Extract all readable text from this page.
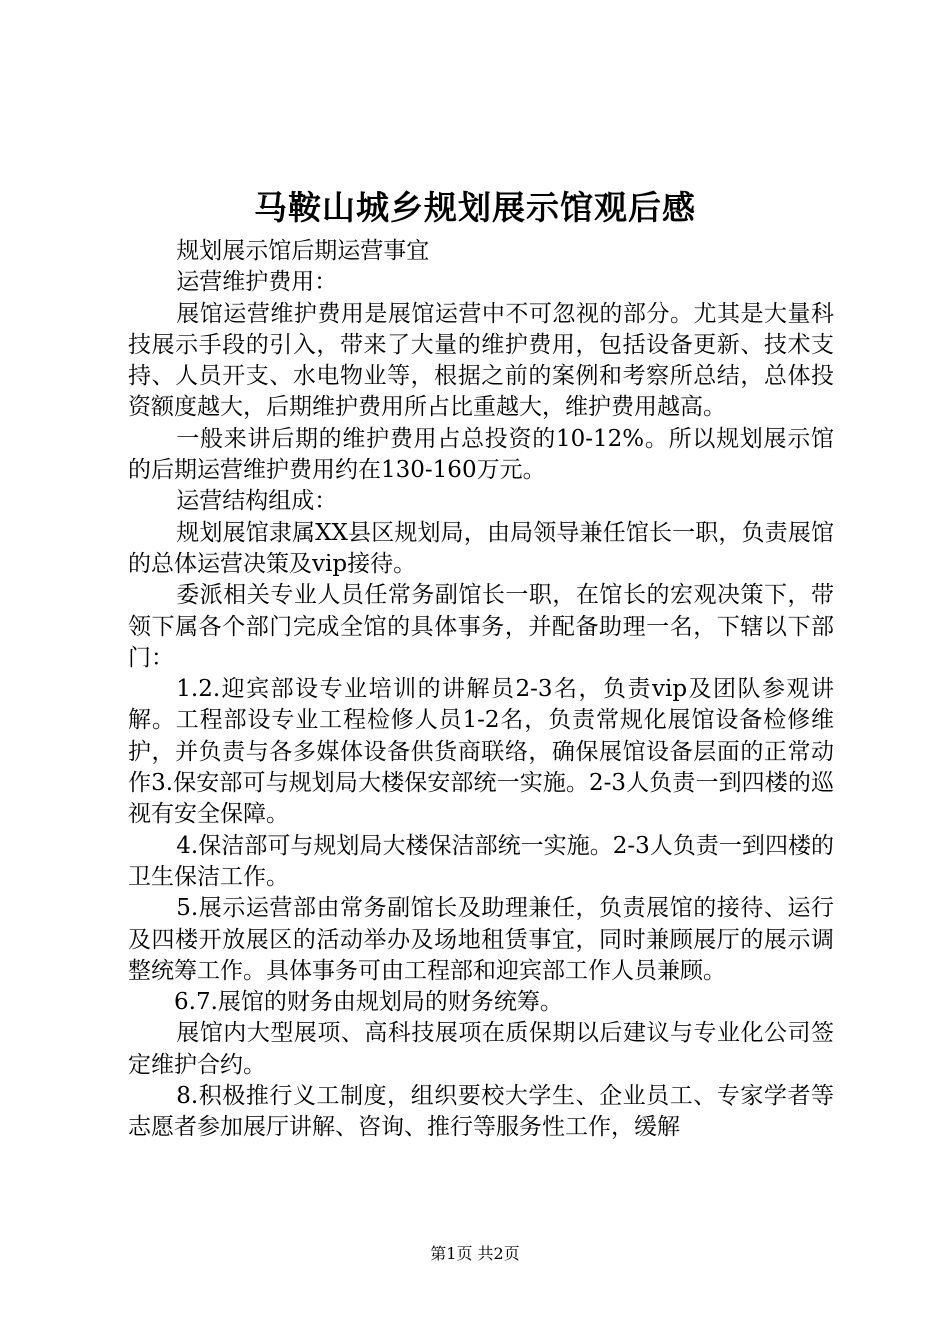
马鞍山城乡规划展示馆观后感

规划展示馆后期运营事宜

运营维护费用：

展馆运营维护费用是展馆运营中不可忽视的部分。尤其是大量科技展示手段的引入，带来了大量的维护费用，包括设备更新、技术支持、人员开支、水电物业等，根据之前的案例和考察所总结，总体投资额度越大，后期维护费用所占比重越大，维护费用越高。

一般来讲后期的维护费用占总投资的10-12%。所以规划展示馆的后期运营维护费用约在130-160万元。

运营结构组成：

规划展馆隶属XX县区规划局，由局领导兼任馆长一职，负责展馆的总体运营决策及vip接待。

委派相关专业人员任常务副馆长一职，在馆长的宏观决策下，带领下属各个部门完成全馆的具体事务，并配备助理一名，下辖以下部门：

1.2.迎宾部设专业培训的讲解员2-3名，负责vip及团队参观讲解。工程部设专业工程检修人员1-2名，负责常规化展馆设备检修维护，并负责与各多媒体设备供货商联络，确保展馆设备层面的正常动作3.保安部可与规划局大楼保安部统一实施。2-3人负责一到四楼的巡视有安全保障。

4.保洁部可与规划局大楼保洁部统一实施。2-3人负责一到四楼的卫生保洁工作。

5.展示运营部由常务副馆长及助理兼任，负责展馆的接待、运行及四楼开放展区的活动举办及场地租赁事宜，同时兼顾展厅的展示调整统筹工作。具体事务可由工程部和迎宾部工作人员兼顾。

6.7.展馆的财务由规划局的财务统筹。

展馆内大型展项、高科技展项在质保期以后建议与专业化公司签定维护合约。

8.积极推行义工制度，组织要校大学生、企业员工、专家学者等志愿者参加展厅讲解、咨询、推行等服务性工作，缓解

第1页 共2页
